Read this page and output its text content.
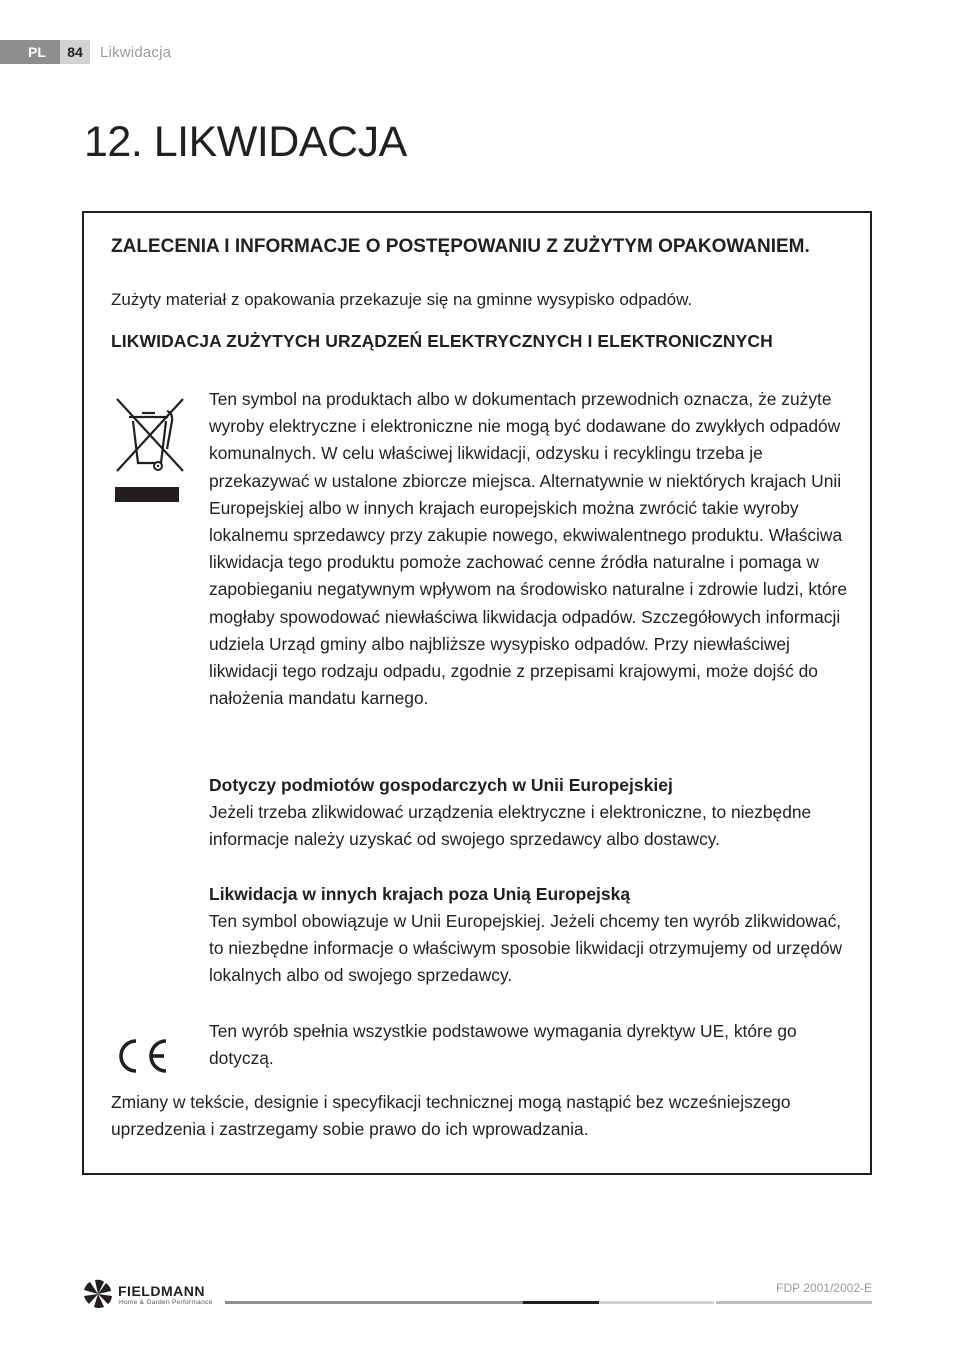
PL	84	Likwidacja
12. LIKWIDACJA
ZALECENIA I INFORMACJE O POSTĘPOWANIU Z ZUŻYTYM OPAKOWANIEM.

Zużyty materiał z opakowania przekazuje się na gminne wysypisko odpadów.

LIKWIDACJA ZUŻYTYCH URZĄDZEŃ ELEKTRYCZNYCH I ELEKTRONICZNYCH

Ten symbol na produktach albo w dokumentach przewodnich oznacza, że zużyte wyroby elektryczne i elektroniczne nie mogą być dodawane do zwykłych odpadów komunalnych. W celu właściwej likwidacji, odzysku i recyklingu trzeba je przekazywać w ustalone zbiorcze miejsca. Alternatywnie w niektórych krajach Unii Europejskiej albo w innych krajach europejskich można zwrócić takie wyroby lokalnemu sprzedawcy przy zakupie nowego, ekwiwalentnego produktu. Właściwa likwidacja tego produktu pomoże zachować cenne źródła naturalne i pomaga w zapobieganiu negatywnym wpływom na środowisko naturalne i zdrowie ludzi, które mogłaby spowodować niewłaściwa likwidacja odpadów. Szczegółowych informacji udziela Urząd gminy albo najbliższe wysypisko odpadów. Przy niewłaściwej likwidacji tego rodzaju odpadu, zgodnie z przepisami krajowymi, może dojść do nałożenia mandatu karnego.

Dotyczy podmiotów gospodarczych w Unii Europejskiej

Jeżeli trzeba zlikwidować urządzenia elektryczne i elektroniczne, to niezbędne informacje należy uzyskać od swojego sprzedawcy albo dostawcy.

Likwidacja w innych krajach poza Unią Europejską

Ten symbol obowiązuje w Unii Europejskiej. Jeżeli chcemy ten wyrób zlikwidować, to niezbędne informacje o właściwym sposobie likwidacji otrzymujemy od urzędów lokalnych albo od swojego sprzedawcy.

Ten wyrób spełnia wszystkie podstawowe wymagania dyrektyw UE, które go dotyczą.

Zmiany w tekście, designie i specyfikacji technicznej mogą nastąpić bez wcześniejszego uprzedzenia i zastrzegamy sobie prawo do ich wprowadzania.

FIELDMANN
Home & Garden Performance
FDP 2001/2002-E
